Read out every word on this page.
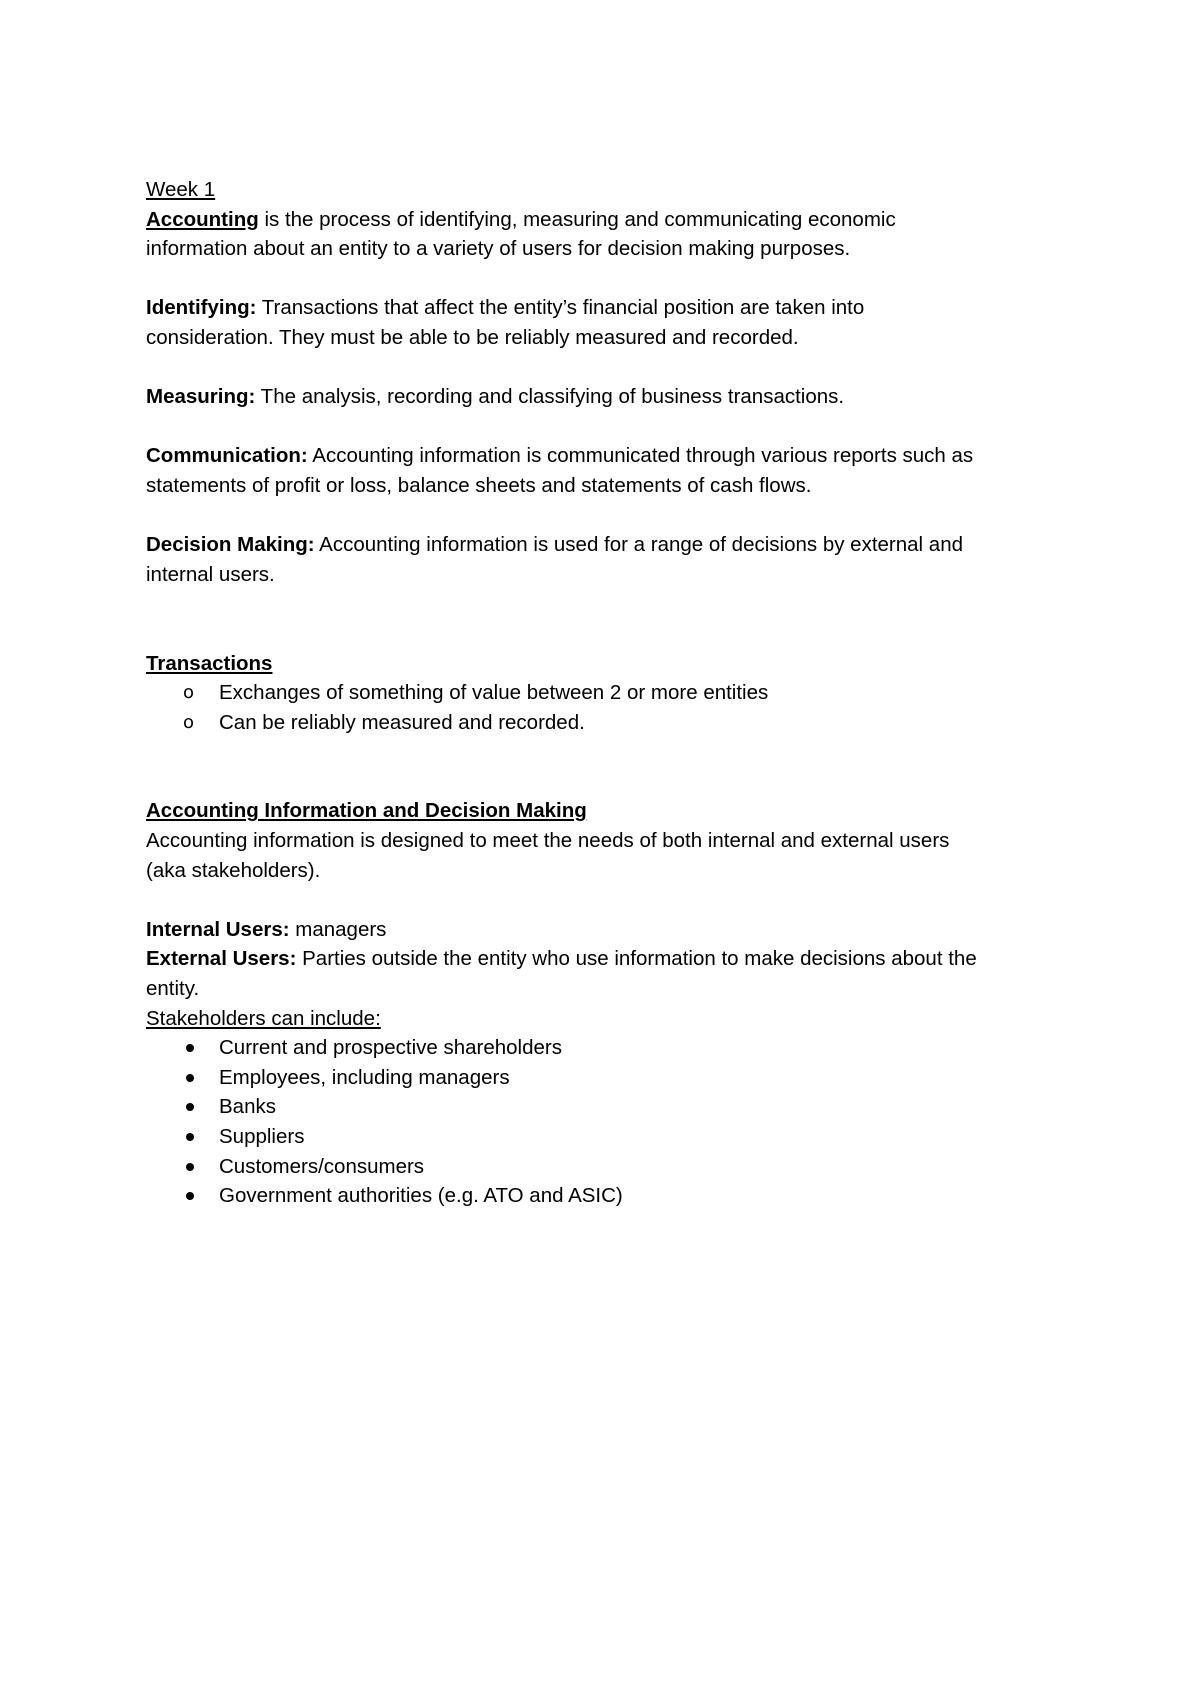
Week 1

Accounting is the process of identifying, measuring and communicating economic

information about an entity to a variety of users for decision making purposes.

Identifying: Transactions that affect the entity’s financial position are taken into

consideration. They must be able to be reliably measured and recorded.

Measuring: The analysis, recording and classifying of business transactions.

Communication: Accounting information is communicated through various reports such as

statements of profit or loss, balance sheets and statements of cash flows.

Decision Making: Accounting information is used for a range of decisions by external and

internal users.

Transactions

o	Exchanges of something of value between 2 or more entities
o	Can be reliably measured and recorded.

Accounting Information and Decision Making

Accounting information is designed to meet the needs of both internal and external users

(aka stakeholders).

Internal Users: managers

External Users: Parties outside the entity who use information to make decisions about the

entity.

Stakeholders can include:

Current and prospective shareholders
Employees, including managers
Banks
Suppliers
Customers/consumers
Government authorities (e.g. ATO and ASIC)
